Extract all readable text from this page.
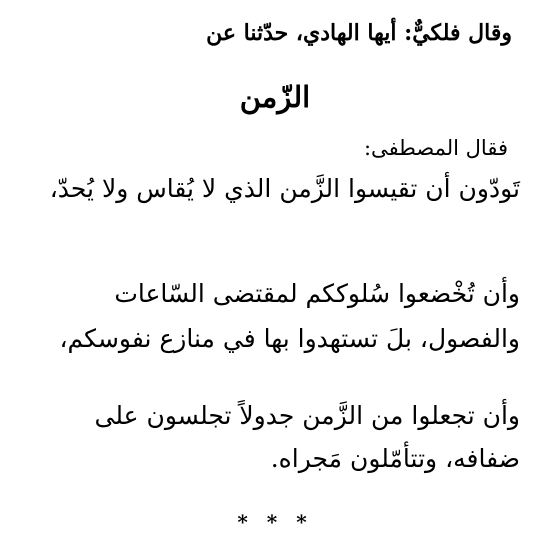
وقال فلكيٌّ: أيها الهادي، حدّثنا عن

الزّمن

فقال المصطفى:

تَودّون أن تقيسوا الزَّمن الذي لا يُقاس ولا يُحدّ،

وأن تُخْضعوا سُلوككم لمقتضى السّاعات

والفصول، بلَ تستهدوا بها في منازع نفوسكم،

وأن تجعلوا من الزَّمن جدولاً تجلسون على

ضفافه، وتتأمّلون مَجراه.

* * *
